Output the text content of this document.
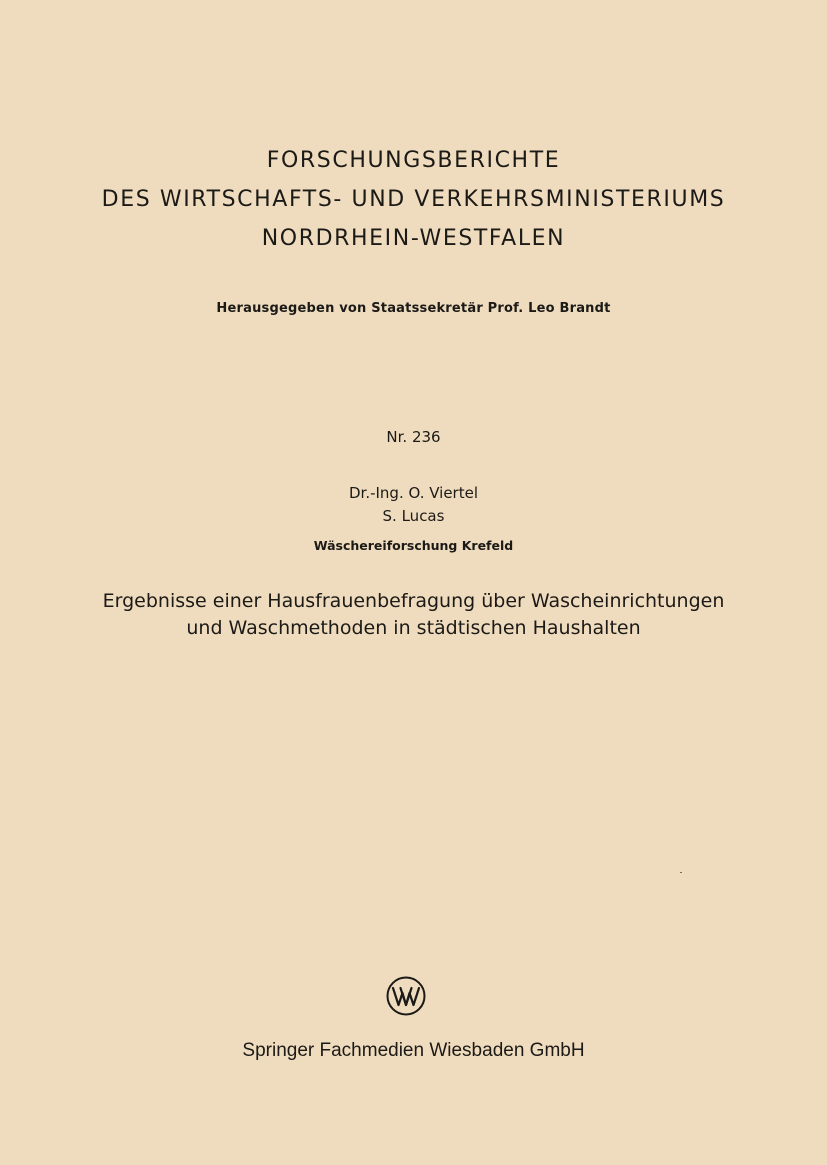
FORSCHUNGSBERICHTE
DES WIRTSCHAFTS- UND VERKEHRSMINISTERIUMS
NORDRHEIN-WESTFALEN
Herausgegeben von Staatssekretär Prof. Leo Brandt
Nr. 236
Dr.-Ing. O. Viertel
S. Lucas
Wäschereiforschung Krefeld
Ergebnisse einer Hausfrauenbefragung über Wascheinrichtungen
und Waschmethoden in städtischen Haushalten
Springer Fachmedien Wiesbaden GmbH
